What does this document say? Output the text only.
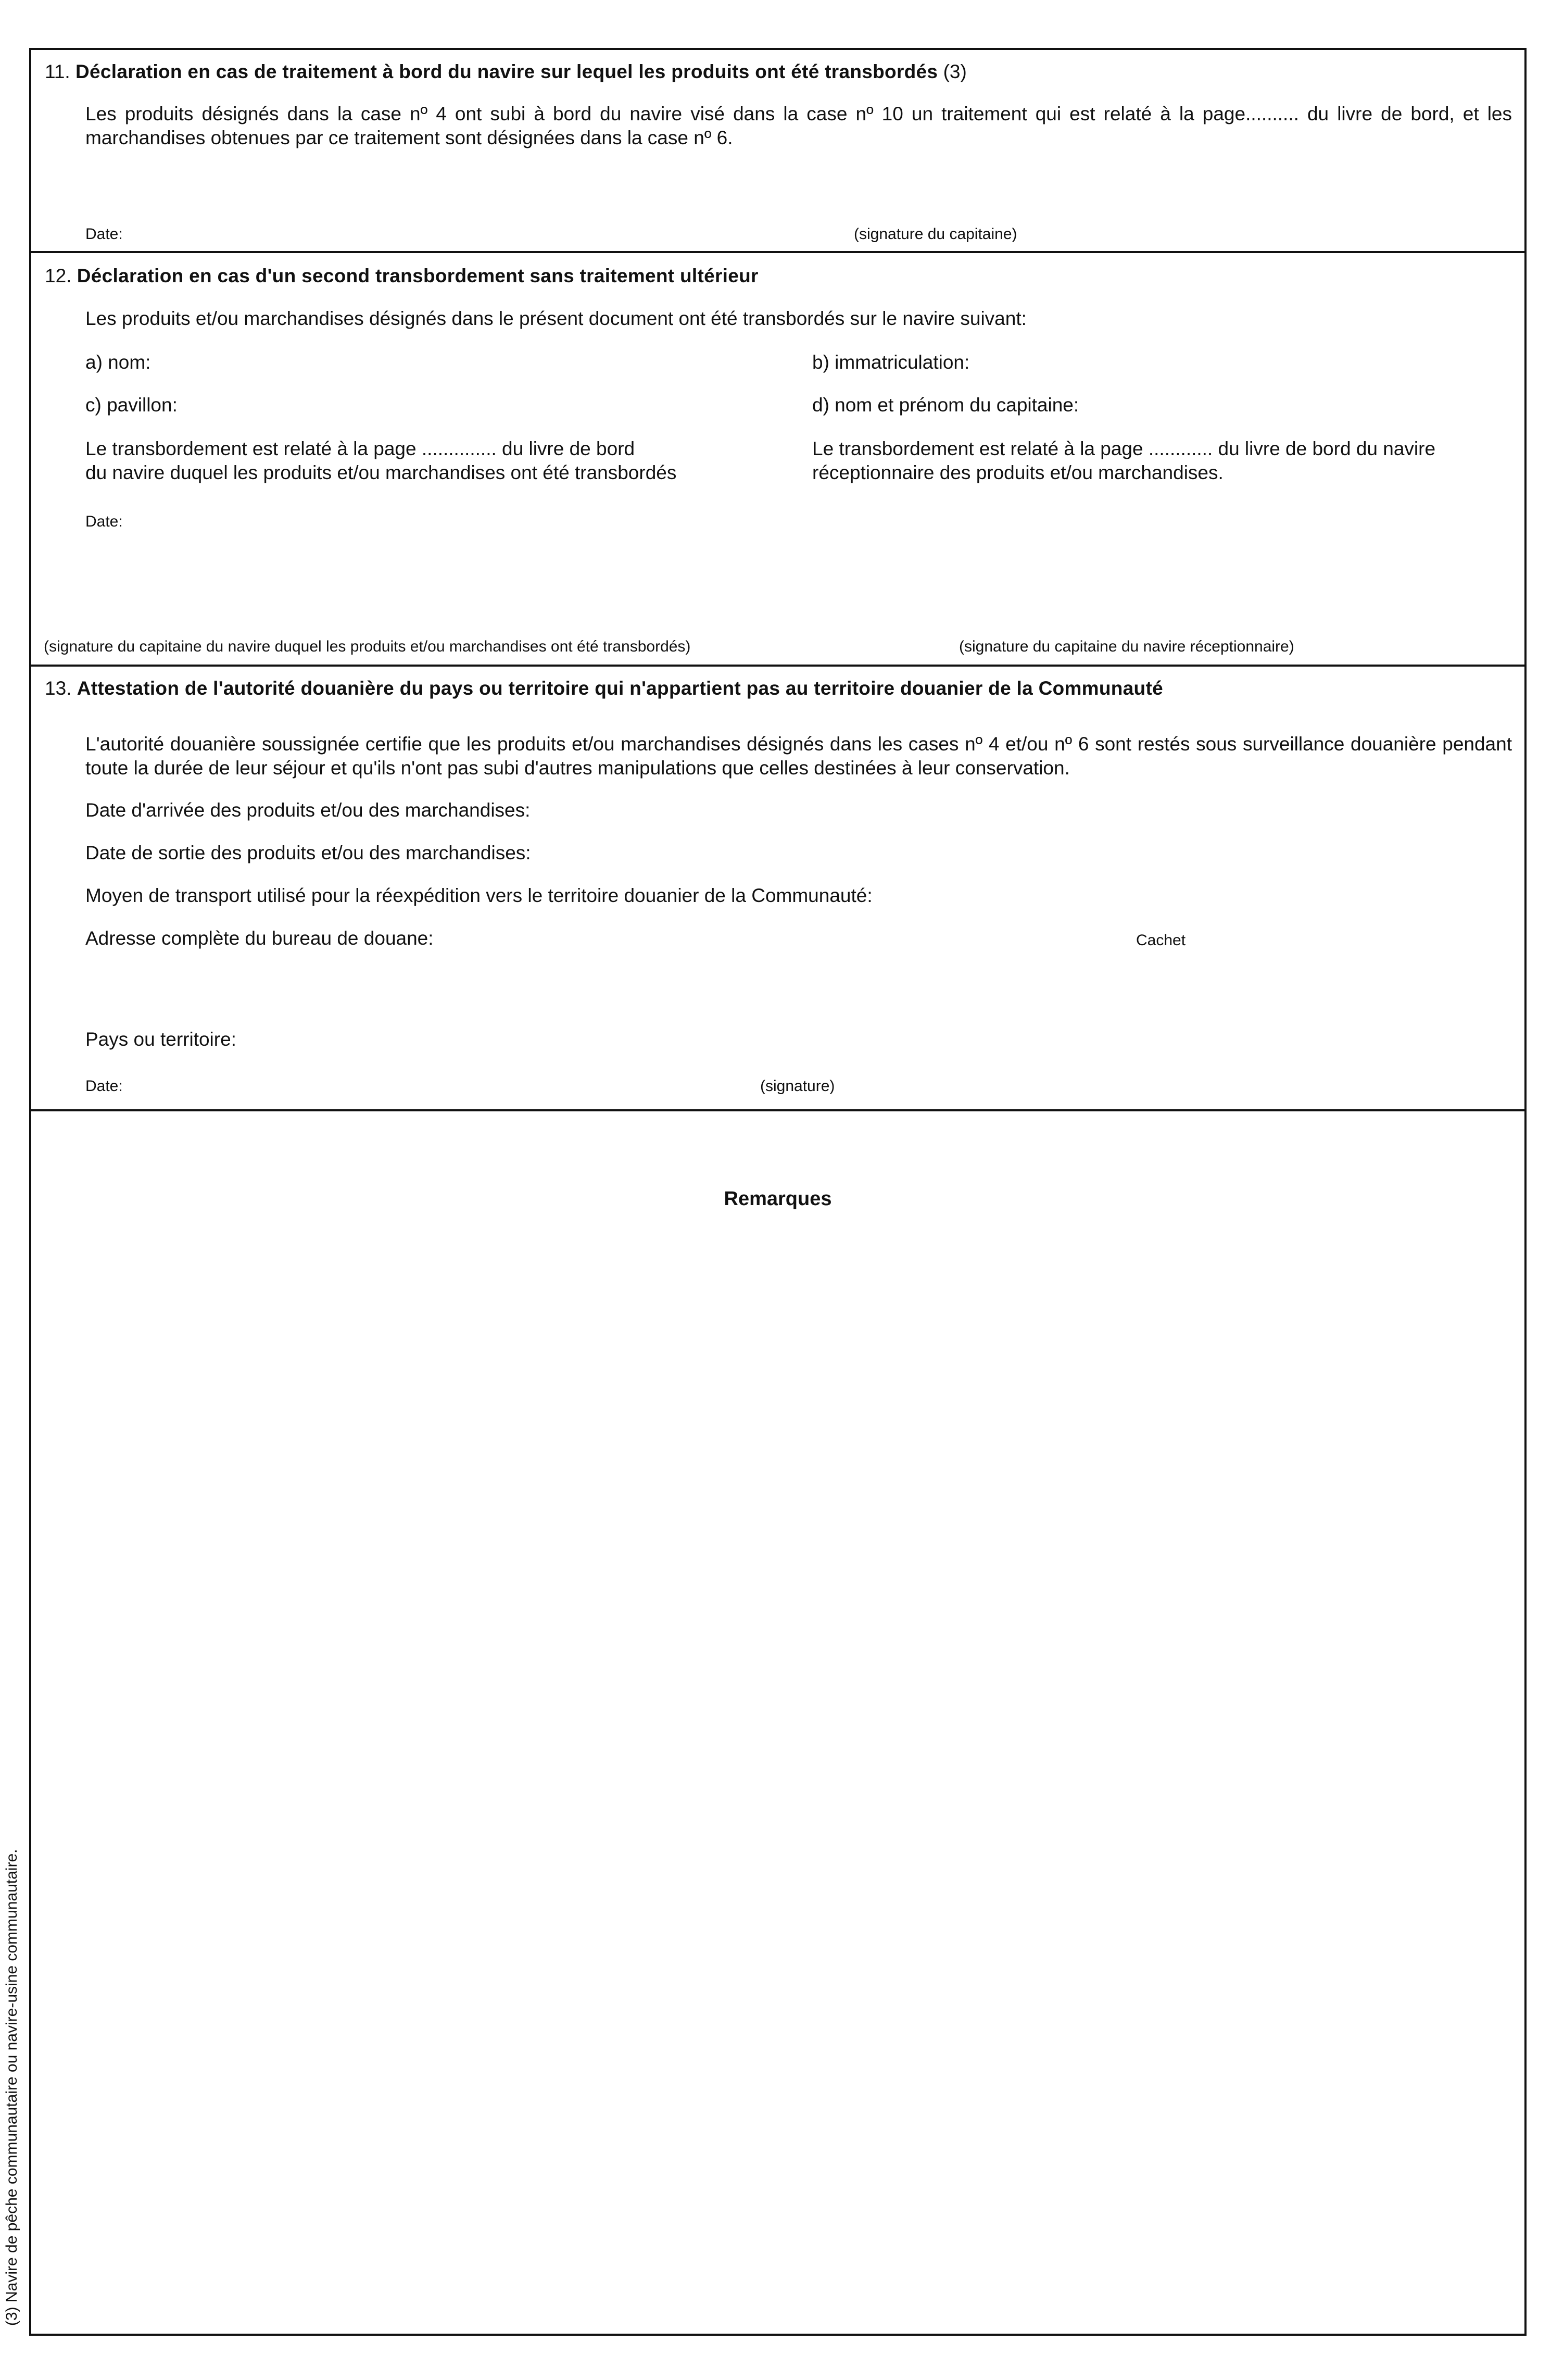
11. Déclaration en cas de traitement à bord du navire sur lequel les produits ont été transbordés (3)
Les produits désignés dans la case nº 4 ont subi à bord du navire visé dans la case nº 10 un traitement qui est relaté à la page.......... du livre de bord, et les marchandises obtenues par ce traitement sont désignées dans la case nº 6.
Date:	(signature du capitaine)
12. Déclaration en cas d'un second transbordement sans traitement ultérieur
Les produits et/ou marchandises désignés dans le présent document ont été transbordés sur le navire suivant:
a) nom:	b) immatriculation:
c) pavillon:	d) nom et prénom du capitaine:
Le transbordement est relaté à la page .............. du livre de bord
du navire duquel les produits et/ou marchandises ont été transbordés
Le transbordement est relaté à la page ............ du livre de bord du navire
réceptionnaire des produits et/ou marchandises.
Date:
(signature du capitaine du navire duquel les produits et/ou marchandises ont été transbordés)	(signature du capitaine du navire réceptionnaire)
13. Attestation de l'autorité douanière du pays ou territoire qui n'appartient pas au territoire douanier de la Communauté
L'autorité douanière soussignée certifie que les produits et/ou marchandises désignés dans les cases nº 4 et/ou nº 6 sont restés sous surveillance douanière pendant toute la durée de leur séjour et qu'ils n'ont pas subi d'autres manipulations que celles destinées à leur conservation.
Date d'arrivée des produits et/ou des marchandises:
Date de sortie des produits et/ou des marchandises:
Moyen de transport utilisé pour la réexpédition vers le territoire douanier de la Communauté:
Adresse complète du bureau de douane:	Cachet
Pays ou territoire:
Date:	(signature)
Remarques
(3) Navire de pêche communautaire ou navire-usine communautaire.
